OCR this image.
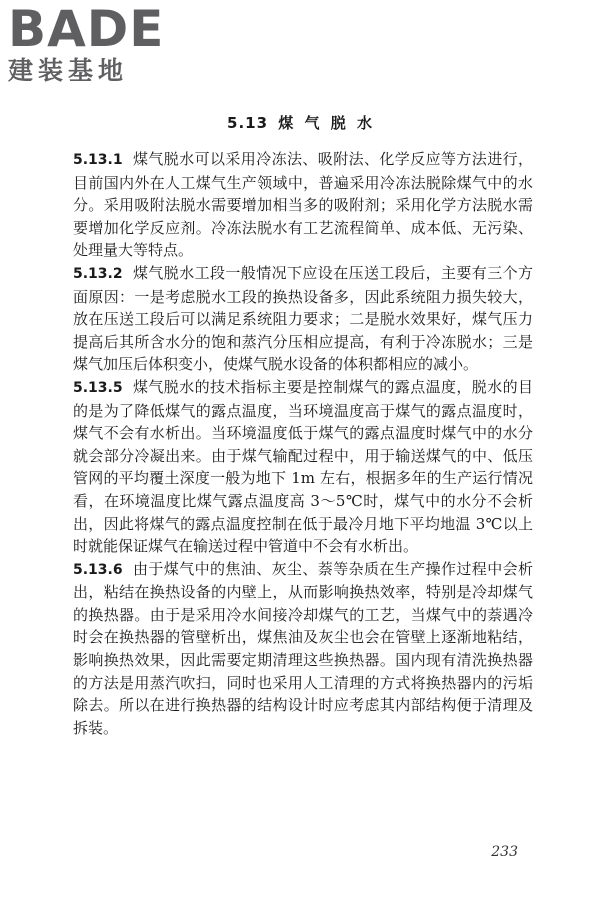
BADE
建装基地
5.13 煤 气 脱 水

5.13.1 煤气脱水可以采用冷冻法、吸附法、化学反应等方法进行，目前国内外在人工煤气生产领域中，普遍采用冷冻法脱除煤气中的水分。采用吸附法脱水需要增加相当多的吸附剂；采用化学方法脱水需要增加化学反应剂。冷冻法脱水有工艺流程简单、成本低、无污染、处理量大等特点。

5.13.2 煤气脱水工段一般情况下应设在压送工段后，主要有三个方面原因：一是考虑脱水工段的换热设备多，因此系统阻力损失较大，放在压送工段后可以满足系统阻力要求；二是脱水效果好，煤气压力提高后其所含水分的饱和蒸汽分压相应提高，有利于冷冻脱水；三是煤气加压后体积变小，使煤气脱水设备的体积都相应的减小。

5.13.5 煤气脱水的技术指标主要是控制煤气的露点温度，脱水的目的是为了降低煤气的露点温度，当环境温度高于煤气的露点温度时，煤气不会有水析出。当环境温度低于煤气的露点温度时煤气中的水分就会部分冷凝出来。由于煤气输配过程中，用于输送煤气的中、低压管网的平均覆土深度一般为地下 1m 左右，根据多年的生产运行情况看，在环境温度比煤气露点温度高 3～5℃时，煤气中的水分不会析出，因此将煤气的露点温度控制在低于最冷月地下平均地温 3℃以上时就能保证煤气在输送过程中管道中不会有水析出。

5.13.6 由于煤气中的焦油、灰尘、萘等杂质在生产操作过程中会析出，粘结在换热设备的内壁上，从而影响换热效率，特别是冷却煤气的换热器。由于是采用冷水间接冷却煤气的工艺，当煤气中的萘遇冷时会在换热器的管壁析出，煤焦油及灰尘也会在管壁上逐渐地粘结，影响换热效果，因此需要定期清理这些换热器。国内现有清洗换热器的方法是用蒸汽吹扫，同时也采用人工清理的方式将换热器内的污垢除去。所以在进行换热器的结构设计时应考虑其内部结构便于清理及拆装。

233
